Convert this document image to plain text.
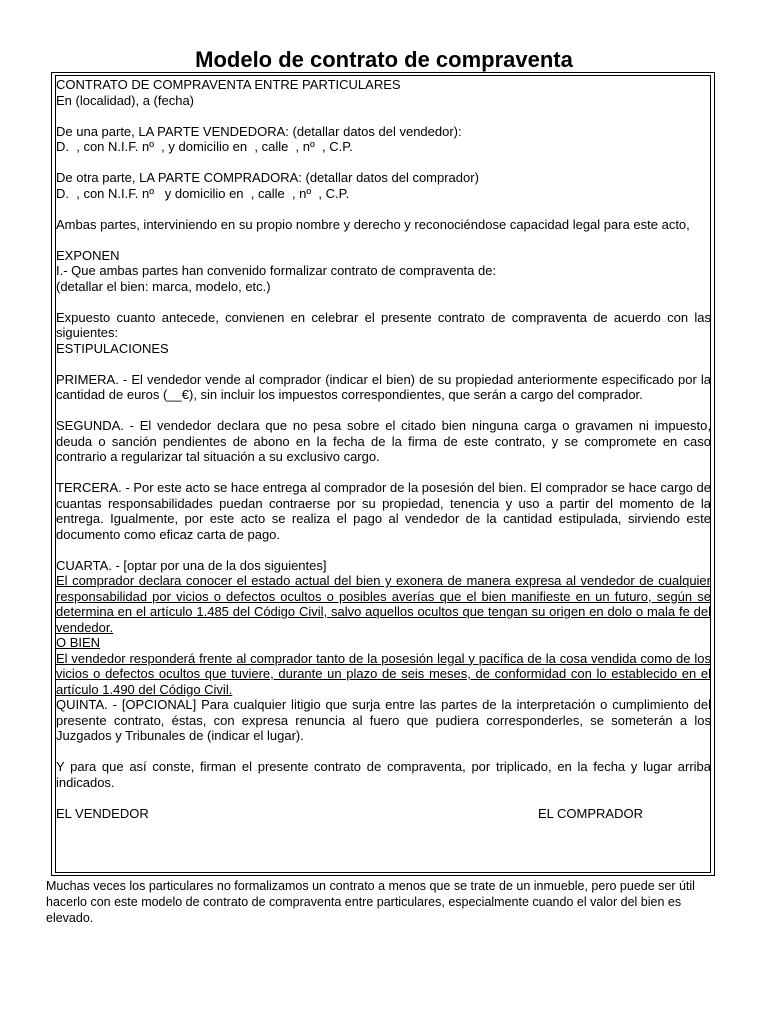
Modelo de contrato de compraventa

CONTRATO DE COMPRAVENTA ENTRE PARTICULARES

En (localidad), a (fecha)

De una parte, LA PARTE VENDEDORA: (detallar datos del vendedor):

D.  , con N.I.F. nº  , y domicilio en  , calle  , nº  , C.P.

De otra parte, LA PARTE COMPRADORA: (detallar datos del comprador)

D.  , con N.I.F. nº   y domicilio en  , calle  , nº  , C.P.

Ambas partes, interviniendo en su propio nombre y derecho y reconociéndose capacidad legal para este acto,

EXPONEN

I.- Que ambas partes han convenido formalizar contrato de compraventa de:

(detallar el bien: marca, modelo, etc.)

Expuesto cuanto antecede, convienen en celebrar el presente contrato de compraventa de acuerdo con las siguientes:

ESTIPULACIONES

PRIMERA. - El vendedor vende al comprador (indicar el bien) de su propiedad anteriormente especificado por la cantidad de euros (__€), sin incluir los impuestos correspondientes, que serán a cargo del comprador.

SEGUNDA. - El vendedor declara que no pesa sobre el citado bien ninguna carga o gravamen ni impuesto, deuda o sanción pendientes de abono en la fecha de la firma de este contrato, y se compromete en caso contrario a regularizar tal situación a su exclusivo cargo.

TERCERA. - Por este acto se hace entrega al comprador de la posesión del bien. El comprador se hace cargo de cuantas responsabilidades puedan contraerse por su propiedad, tenencia y uso a partir del momento de la entrega. Igualmente, por este acto se realiza el pago al vendedor de la cantidad estipulada, sirviendo este documento como eficaz carta de pago.

CUARTA. - [optar por una de la dos siguientes]

El comprador declara conocer el estado actual del bien y exonera de manera expresa al vendedor de cualquier responsabilidad por vicios o defectos ocultos o posibles averías que el bien manifieste en un futuro, según se determina en el artículo 1.485 del Código Civil, salvo aquellos ocultos que tengan su origen en dolo o mala fe del vendedor.

O BIEN

El vendedor responderá frente al comprador tanto de la posesión legal y pacífica de la cosa vendida como de los vicios o defectos ocultos que tuviere, durante un plazo de seis meses, de conformidad con lo establecido en el artículo 1.490 del Código Civil.

QUINTA. - [OPCIONAL] Para cualquier litigio que surja entre las partes de la interpretación o cumplimiento del presente contrato, éstas, con expresa renuncia al fuero que pudiera corresponderles, se someterán a los Juzgados y Tribunales de (indicar el lugar).

Y para que así conste, firman el presente contrato de compraventa, por triplicado, en la fecha y lugar arriba indicados.

EL VENDEDOR	EL COMPRADOR
Muchas veces los particulares no formalizamos un contrato a menos que se trate de un inmueble, pero puede ser útil hacerlo con este modelo de contrato de compraventa entre particulares, especialmente cuando el valor del bien es elevado.
